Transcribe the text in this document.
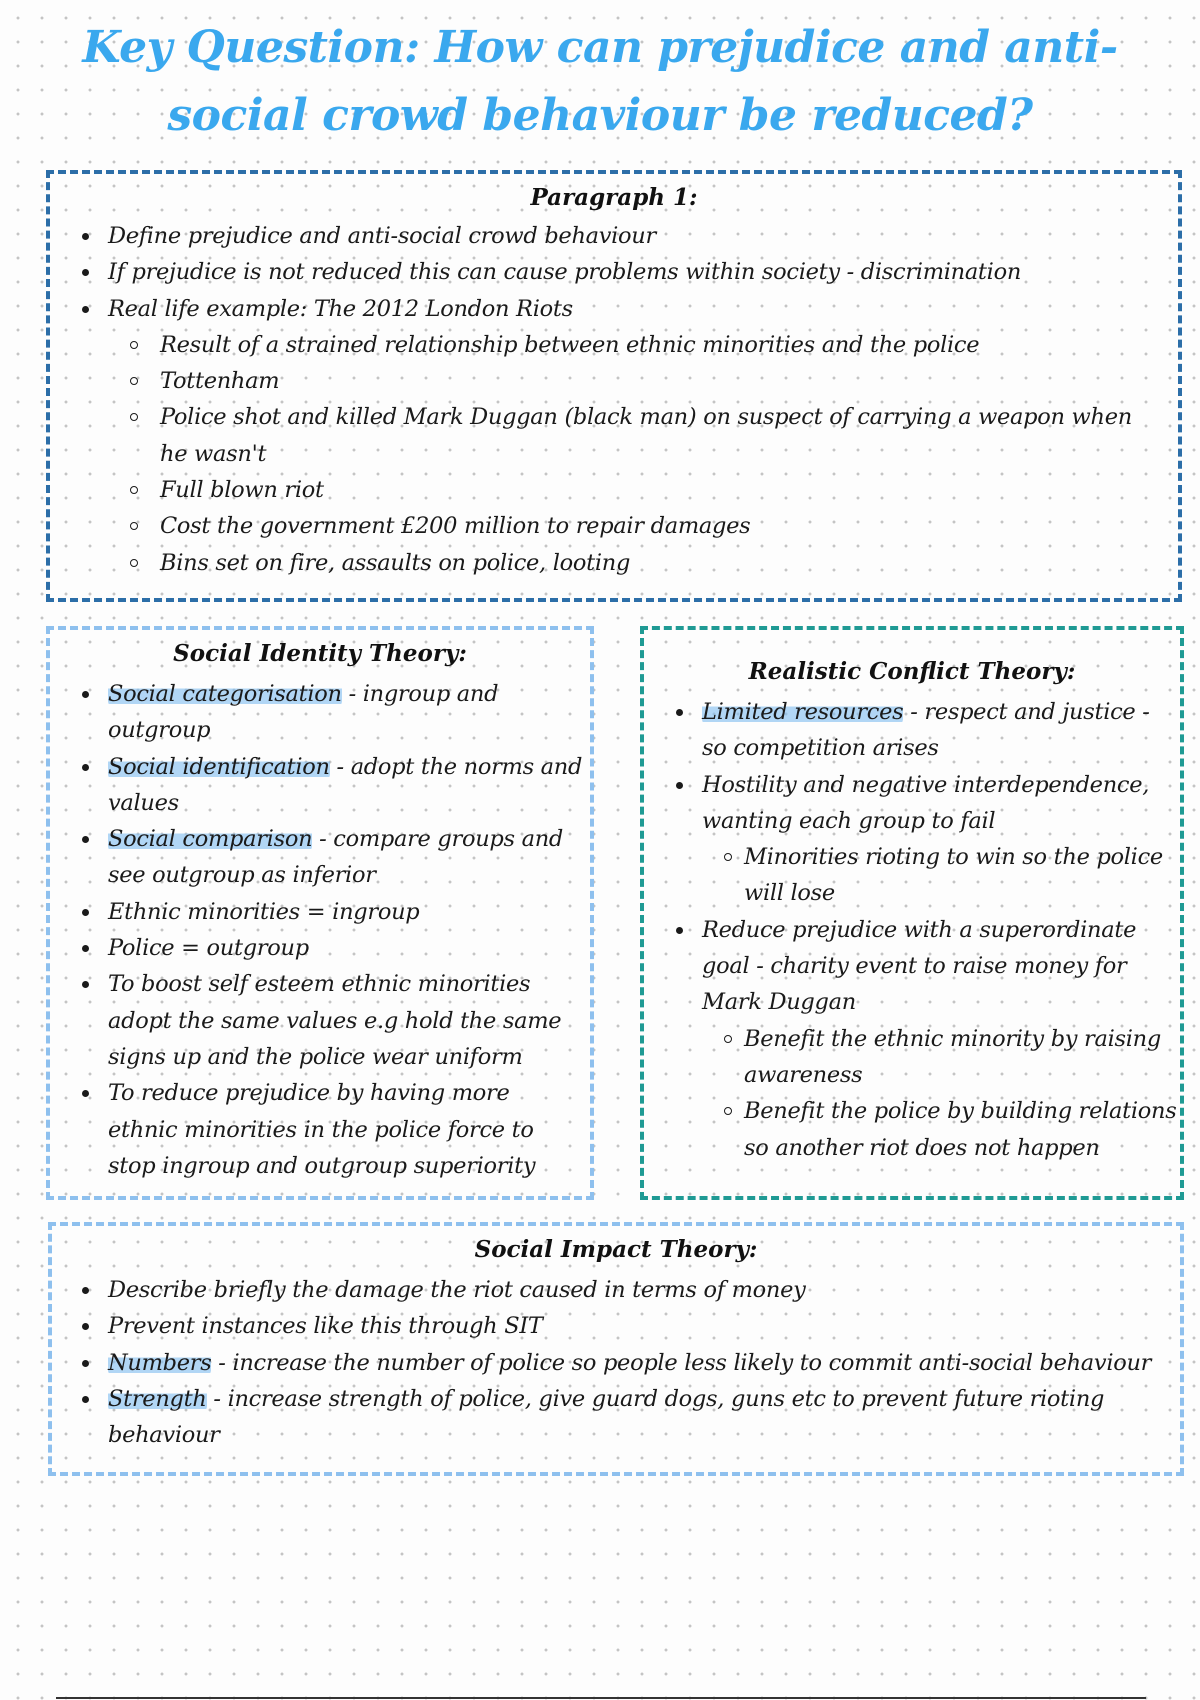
Key Question: How can prejudice and anti-
social crowd behaviour be reduced?
Paragraph 1:
Define prejudice and anti-social crowd behaviour
If prejudice is not reduced this can cause problems within society - discrimination
Real life example: The 2012 London Riots
Result of a strained relationship between ethnic minorities and the police
Tottenham
Police shot and killed Mark Duggan (black man) on suspect of carrying a weapon when he wasn't
Full blown riot
Cost the government £200 million to repair damages
Bins set on fire, assaults on police, looting
Social Identity Theory:
Social categorisation - ingroup and outgroup
Social identification - adopt the norms and values
Social comparison - compare groups and see outgroup as inferior
Ethnic minorities = ingroup
Police = outgroup
To boost self esteem ethnic minorities adopt the same values e.g hold the same signs up and the police wear uniform
To reduce prejudice by having more ethnic minorities in the police force to stop ingroup and outgroup superiority
Realistic Conflict Theory:
Limited resources - respect and justice - so competition arises
Hostility and negative interdependence, wanting each group to fail
Minorities rioting to win so the police will lose
Reduce prejudice with a superordinate goal - charity event to raise money for Mark Duggan
Benefit the ethnic minority by raising awareness
Benefit the police by building relations so another riot does not happen
Social Impact Theory:
Describe briefly the damage the riot caused in terms of money
Prevent instances like this through SIT
Numbers - increase the number of police so people less likely to commit anti-social behaviour
Strength - increase strength of police, give guard dogs, guns etc to prevent future rioting behaviour
